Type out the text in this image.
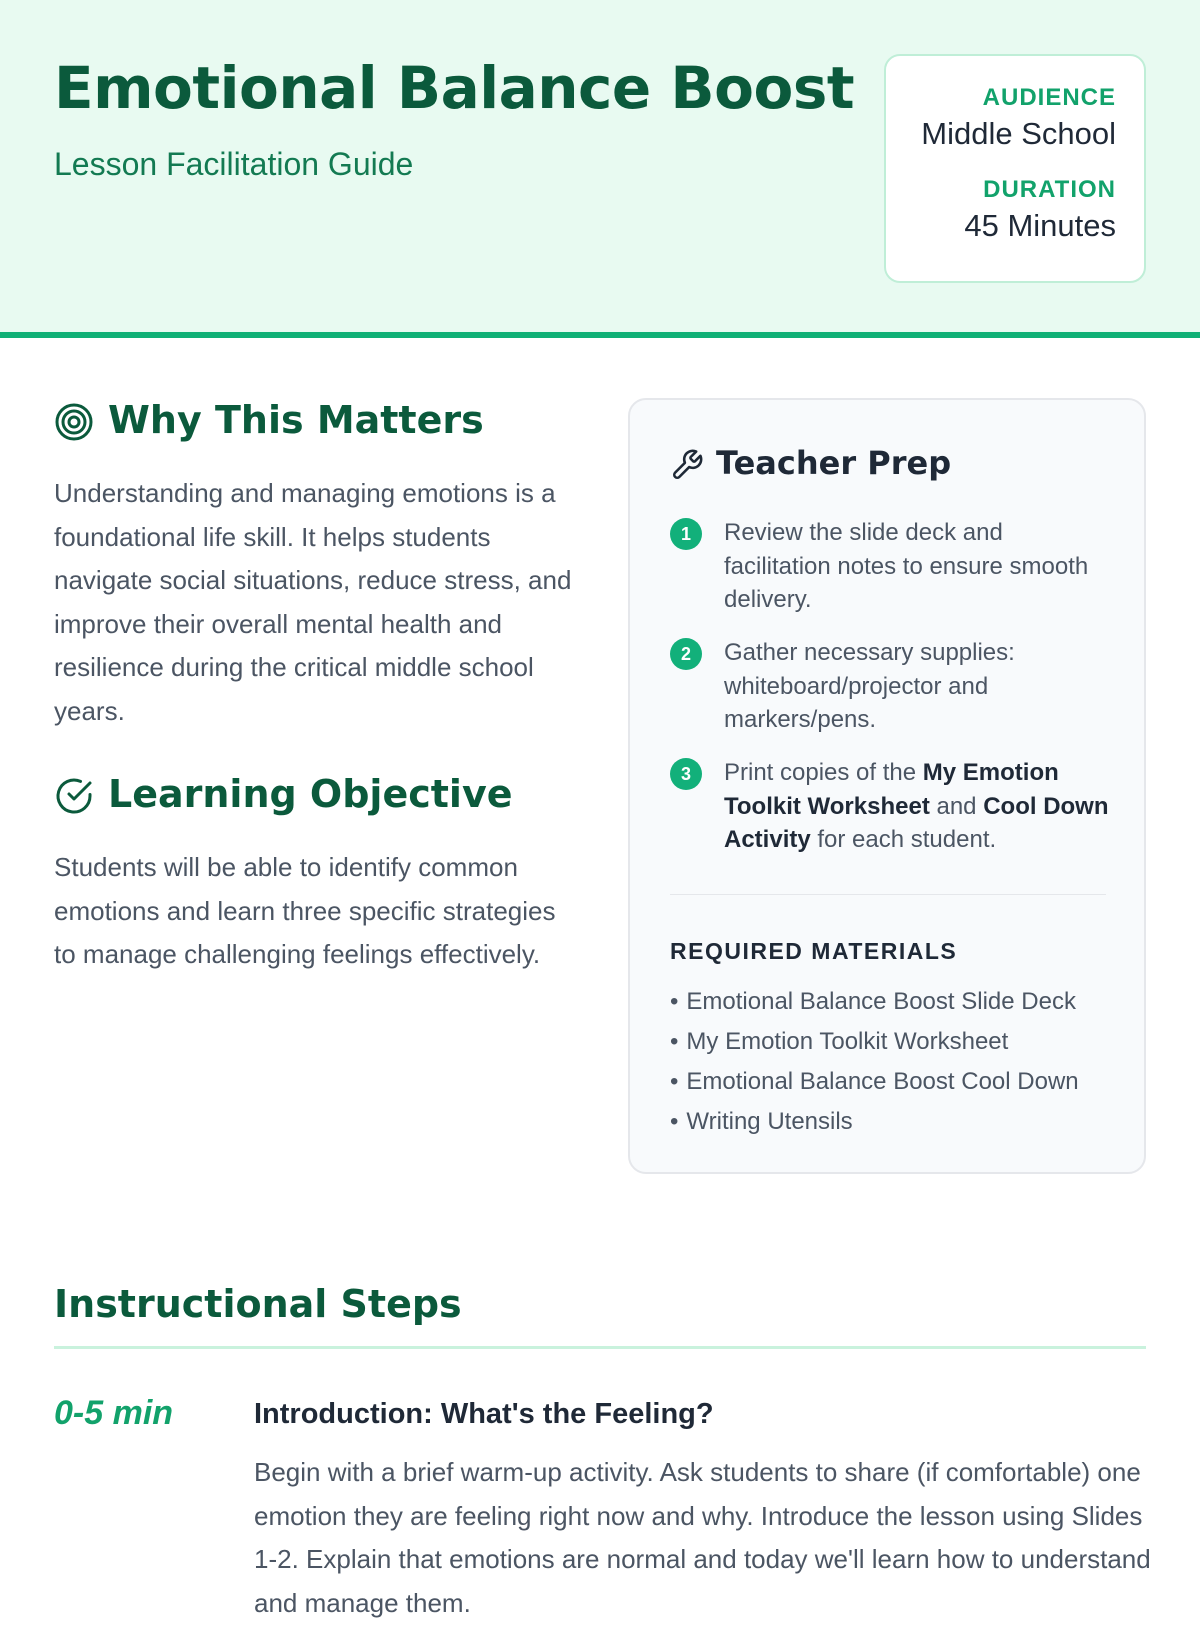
Emotional Balance Boost
Lesson Facilitation Guide
AUDIENCE
Middle School
DURATION
45 Minutes
Why This Matters
Understanding and managing emotions is a foundational life skill. It helps students navigate social situations, reduce stress, and improve their overall mental health and resilience during the critical middle school years.
Learning Objective
Students will be able to identify common emotions and learn three specific strategies to manage challenging feelings effectively.
Teacher Prep
1	Review the slide deck and facilitation notes to ensure smooth delivery.
2	Gather necessary supplies: whiteboard/projector and markers/pens.
3	Print copies of the My Emotion Toolkit Worksheet and Cool Down Activity for each student.
REQUIRED MATERIALS
• Emotional Balance Boost Slide Deck
• My Emotion Toolkit Worksheet
• Emotional Balance Boost Cool Down
• Writing Utensils
Instructional Steps
0-5 min	Introduction: What's the Feeling?
Begin with a brief warm-up activity. Ask students to share (if comfortable) one emotion they are feeling right now and why. Introduce the lesson using Slides 1-2. Explain that emotions are normal and today we'll learn how to understand and manage them.
